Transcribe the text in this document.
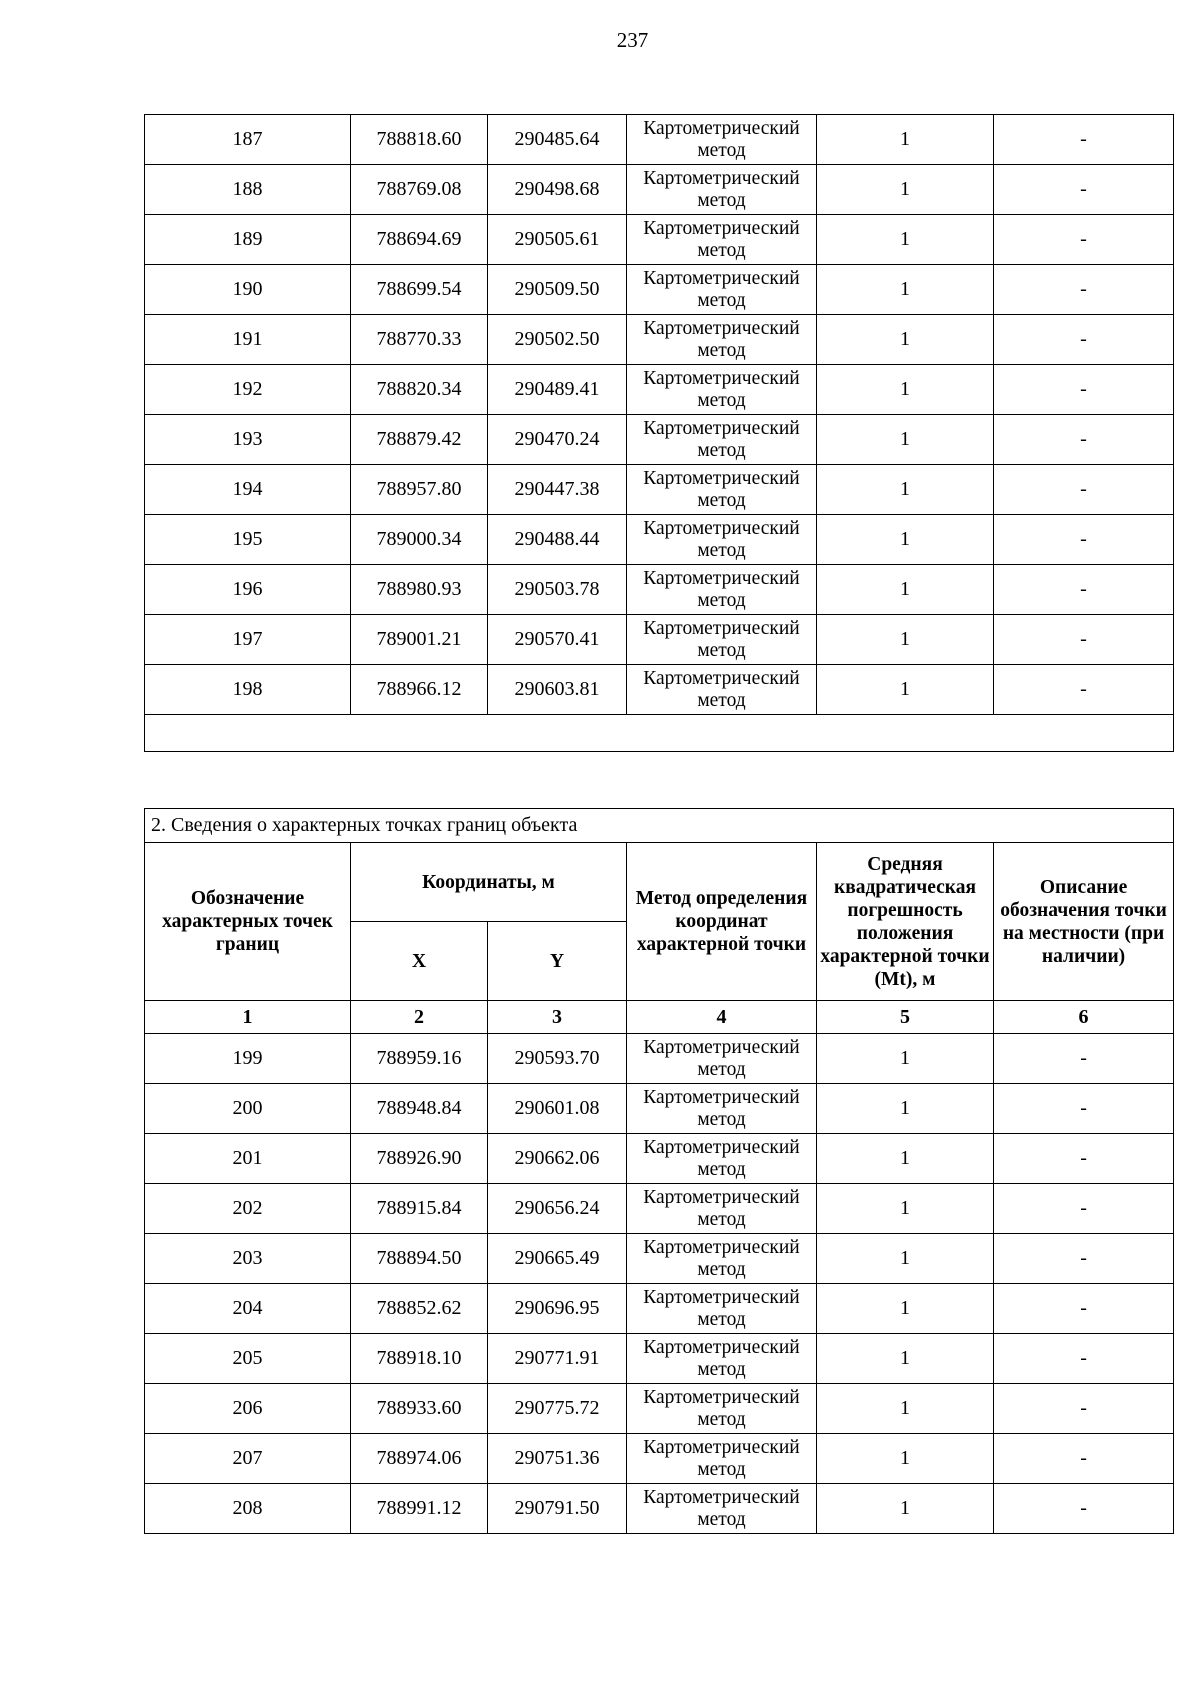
237
187	788818.60	290485.64	Картометрический метод	1	-
188	788769.08	290498.68	Картометрический метод	1	-
189	788694.69	290505.61	Картометрический метод	1	-
190	788699.54	290509.50	Картометрический метод	1	-
191	788770.33	290502.50	Картометрический метод	1	-
192	788820.34	290489.41	Картометрический метод	1	-
193	788879.42	290470.24	Картометрический метод	1	-
194	788957.80	290447.38	Картометрический метод	1	-
195	789000.34	290488.44	Картометрический метод	1	-
196	788980.93	290503.78	Картометрический метод	1	-
197	789001.21	290570.41	Картометрический метод	1	-
198	788966.12	290603.81	Картометрический метод	1	-

2. Сведения о характерных точках границ объекта					
Обозначение характерных точек границ	Координаты, м		Метод определения координат характерной точки	Средняя квадратическая погрешность положения характерной точки (Mt), м	Описание обозначения точки на местности (при наличии)
	X	Y			
1	2	3	4	5	6
199	788959.16	290593.70	Картометрический метод	1	-
200	788948.84	290601.08	Картометрический метод	1	-
201	788926.90	290662.06	Картометрический метод	1	-
202	788915.84	290656.24	Картометрический метод	1	-
203	788894.50	290665.49	Картометрический метод	1	-
204	788852.62	290696.95	Картометрический метод	1	-
205	788918.10	290771.91	Картометрический метод	1	-
206	788933.60	290775.72	Картометрический метод	1	-
207	788974.06	290751.36	Картометрический метод	1	-
208	788991.12	290791.50	Картометрический метод	1	-
